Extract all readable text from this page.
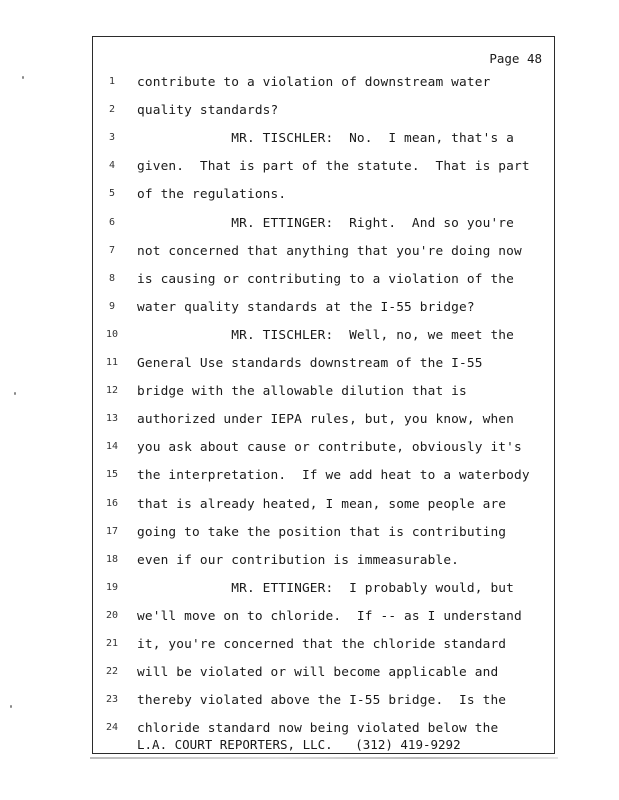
Page 48
1	contribute to a violation of downstream water
2	quality standards?
3	MR. TISCHLER:  No.  I mean, that's a
4	given.  That is part of the statute.  That is part
5	of the regulations.
6	MR. ETTINGER:  Right.  And so you're
7	not concerned that anything that you're doing now
8	is causing or contributing to a violation of the
9	water quality standards at the I-55 bridge?
10	MR. TISCHLER:  Well, no, we meet the
11	General Use standards downstream of the I-55
12	bridge with the allowable dilution that is
13	authorized under IEPA rules, but, you know, when
14	you ask about cause or contribute, obviously it's
15	the interpretation.  If we add heat to a waterbody
16	that is already heated, I mean, some people are
17	going to take the position that is contributing
18	even if our contribution is immeasurable.
19	MR. ETTINGER:  I probably would, but
20	we'll move on to chloride.  If -- as I understand
21	it, you're concerned that the chloride standard
22	will be violated or will become applicable and
23	thereby violated above the I-55 bridge.  Is the
24	chloride standard now being violated below the
L.A. COURT REPORTERS, LLC.   (312) 419-9292
